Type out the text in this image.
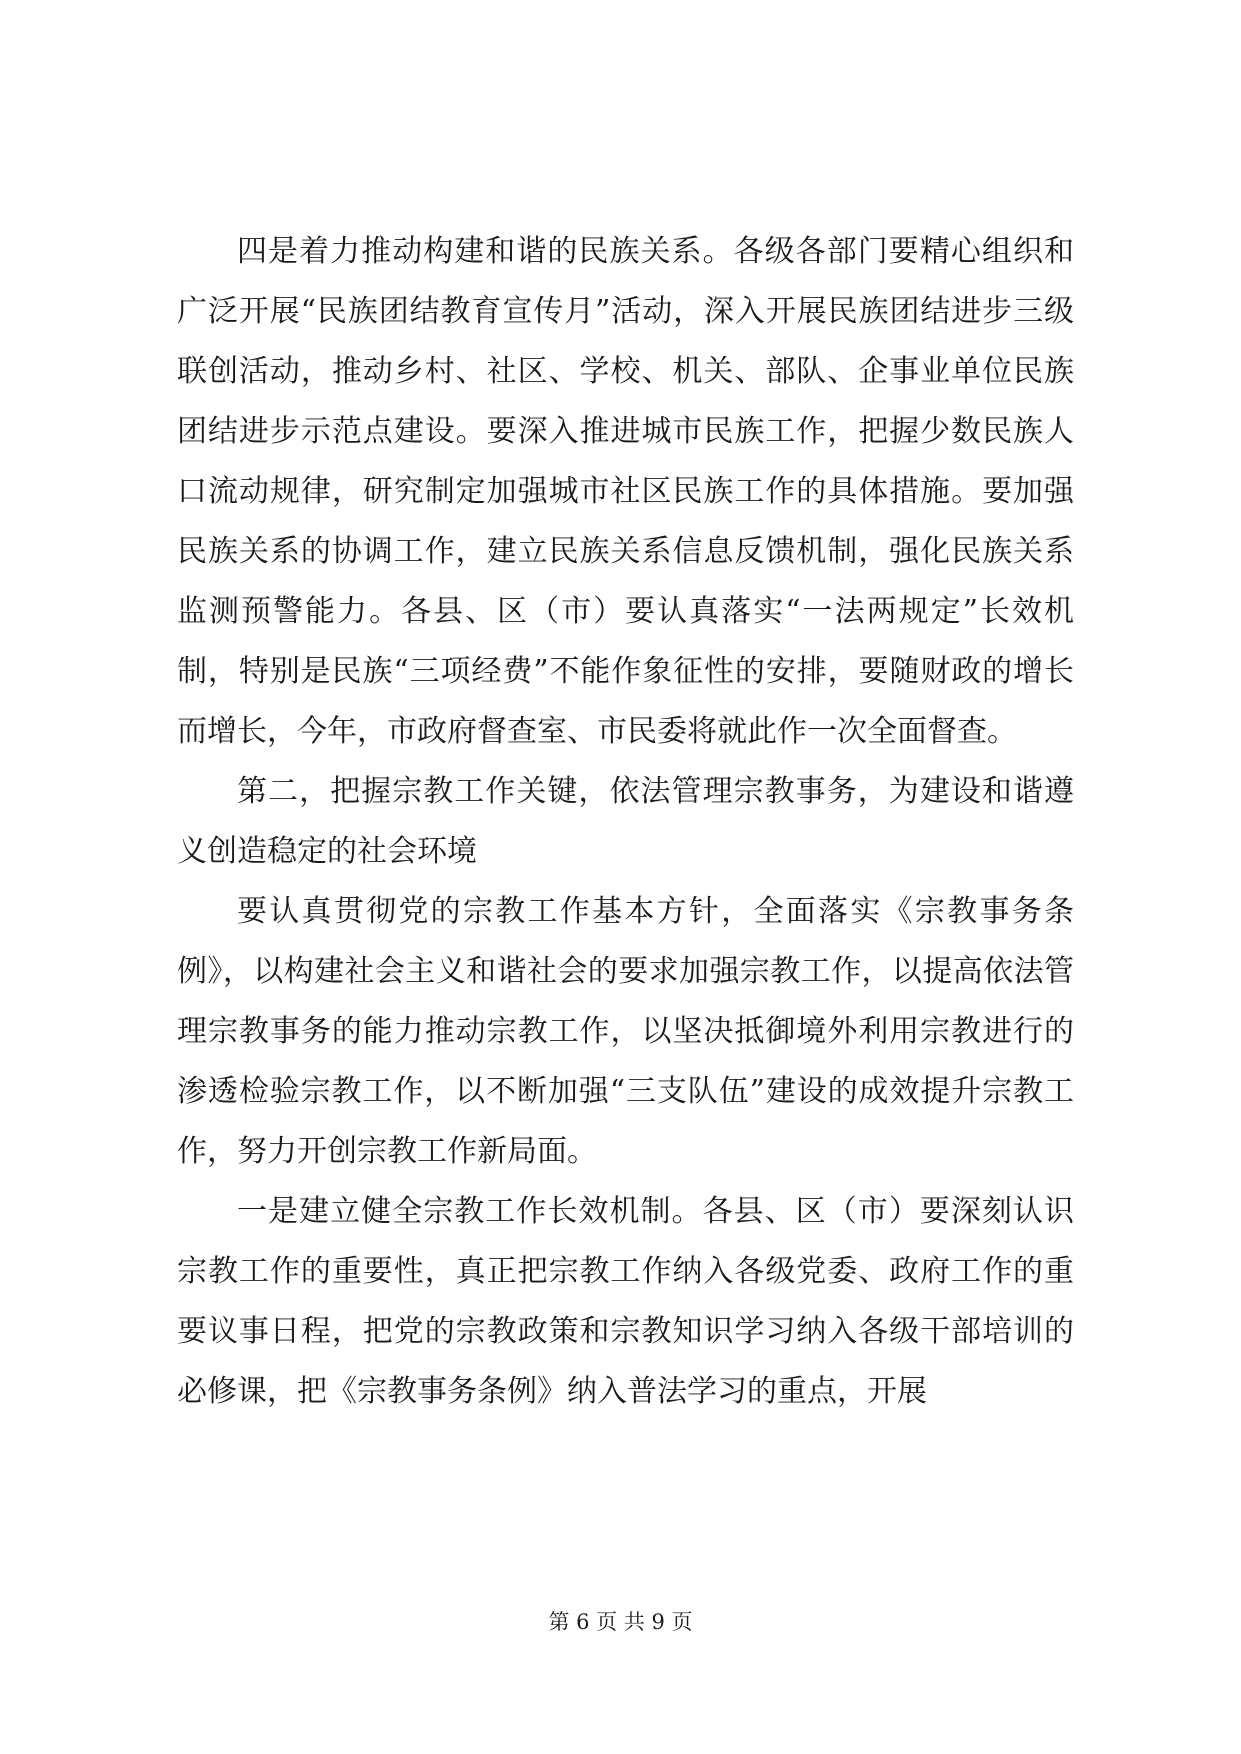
四是着力推动构建和谐的民族关系。各级各部门要精心组织和广泛开展“民族团结教育宣传月”活动，深入开展民族团结进步三级联创活动，推动乡村、社区、学校、机关、部队、企事业单位民族团结进步示范点建设。要深入推进城市民族工作，把握少数民族人口流动规律，研究制定加强城市社区民族工作的具体措施。要加强民族关系的协调工作，建立民族关系信息反馈机制，强化民族关系监测预警能力。各县、区（市）要认真落实“一法两规定”长效机制，特别是民族“三项经费”不能作象征性的安排，要随财政的增长而增长，今年，市政府督查室、市民委将就此作一次全面督查。

第二，把握宗教工作关键，依法管理宗教事务，为建设和谐遵义创造稳定的社会环境

要认真贯彻党的宗教工作基本方针，全面落实《宗教事务条例》，以构建社会主义和谐社会的要求加强宗教工作，以提高依法管理宗教事务的能力推动宗教工作，以坚决抵御境外利用宗教进行的渗透检验宗教工作，以不断加强“三支队伍”建设的成效提升宗教工作，努力开创宗教工作新局面。

一是建立健全宗教工作长效机制。各县、区（市）要深刻认识宗教工作的重要性，真正把宗教工作纳入各级党委、政府工作的重要议事日程，把党的宗教政策和宗教知识学习纳入各级干部培训的必修课，把《宗教事务条例》纳入普法学习的重点，开展

第 6 页 共 9 页
